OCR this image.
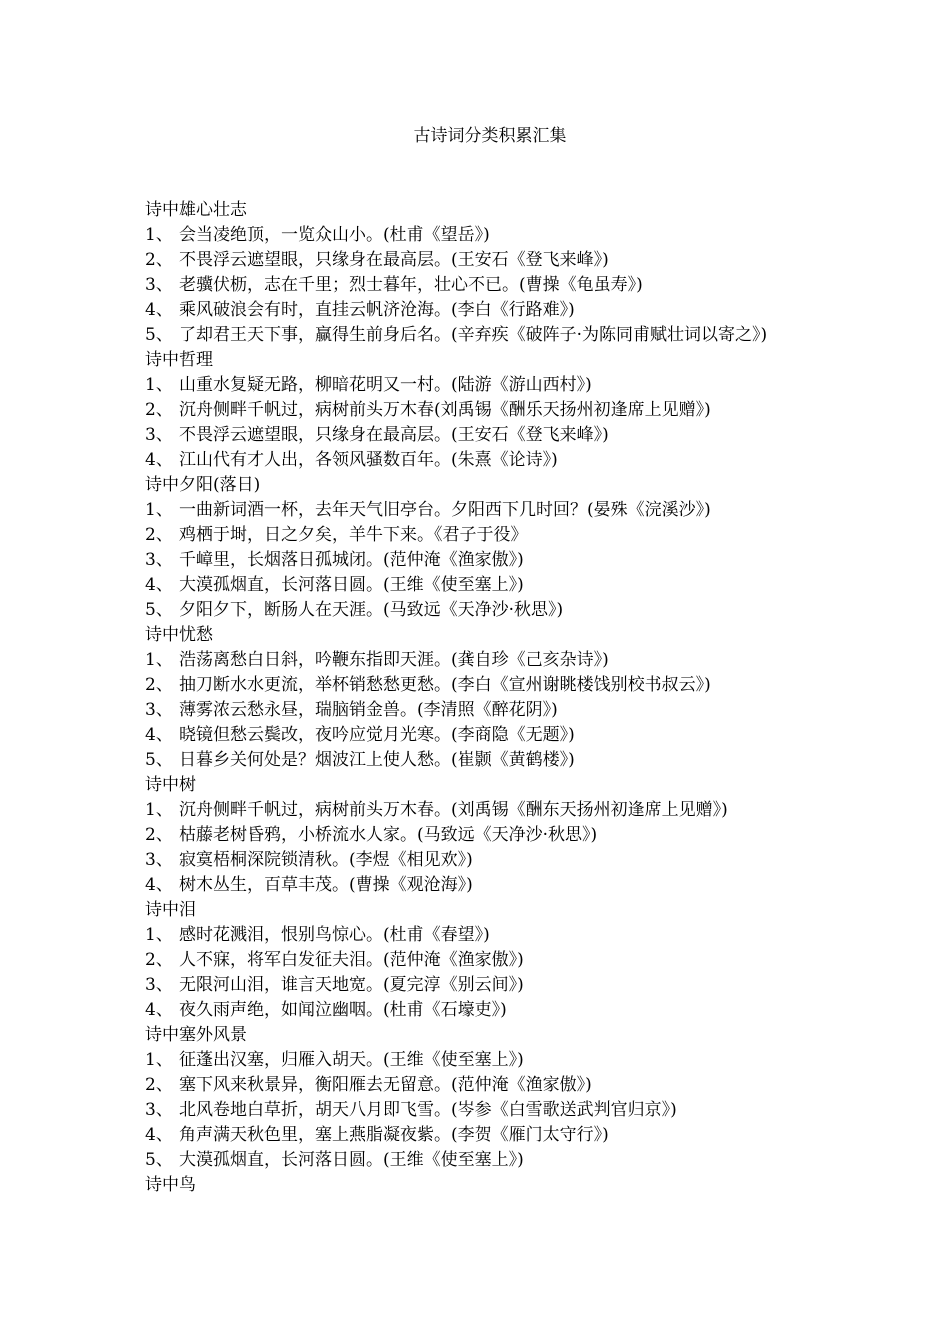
古诗词分类积累汇集
诗中雄心壮志
1、 会当凌绝顶，一览众山小。(杜甫《望岳》)
2、 不畏浮云遮望眼，只缘身在最高层。(王安石《登飞来峰》)
3、 老骥伏枥，志在千里；烈士暮年，壮心不已。(曹操《龟虽寿》)
4、 乘风破浪会有时，直挂云帆济沧海。(李白《行路难》)
5、 了却君王天下事，赢得生前身后名。(辛弃疾《破阵子·为陈同甫赋壮词以寄之》)
诗中哲理
1、 山重水复疑无路，柳暗花明又一村。(陆游《游山西村》)
2、 沉舟侧畔千帆过，病树前头万木春(刘禹锡《酬乐天扬州初逢席上见赠》)
3、 不畏浮云遮望眼，只缘身在最高层。(王安石《登飞来峰》)
4、 江山代有才人出，各领风骚数百年。(朱熹《论诗》)
诗中夕阳(落日)
1、 一曲新词酒一杯，去年天气旧亭台。夕阳西下几时回？(晏殊《浣溪沙》)
2、 鸡栖于埘，日之夕矣，羊牛下来。《君子于役》
3、 千嶂里，长烟落日孤城闭。(范仲淹《渔家傲》)
4、 大漠孤烟直，长河落日圆。(王维《使至塞上》)
5、 夕阳夕下，断肠人在天涯。(马致远《天净沙·秋思》)
诗中忧愁
1、 浩荡离愁白日斜，吟鞭东指即天涯。(龚自珍《己亥杂诗》)
2、 抽刀断水水更流，举杯销愁愁更愁。(李白《宣州谢眺楼饯别校书叔云》)
3、 薄雾浓云愁永昼，瑞脑销金兽。(李清照《醉花阴》)
4、 晓镜但愁云鬓改，夜吟应觉月光寒。(李商隐《无题》)
5、 日暮乡关何处是？烟波江上使人愁。(崔颢《黄鹤楼》)
诗中树
1、 沉舟侧畔千帆过，病树前头万木春。(刘禹锡《酬东天扬州初逢席上见赠》)
2、 枯藤老树昏鸦，小桥流水人家。(马致远《天净沙·秋思》)
3、 寂寞梧桐深院锁清秋。(李煜《相见欢》)
4、 树木丛生，百草丰茂。(曹操《观沧海》)
诗中泪
1、 感时花溅泪，恨别鸟惊心。(杜甫《春望》)
2、 人不寐，将军白发征夫泪。(范仲淹《渔家傲》)
3、 无限河山泪，谁言天地宽。(夏完淳《别云间》)
4、 夜久雨声绝，如闻泣幽咽。(杜甫《石壕吏》)
诗中塞外风景
1、 征蓬出汉塞，归雁入胡天。(王维《使至塞上》)
2、 塞下风来秋景异，衡阳雁去无留意。(范仲淹《渔家傲》)
3、 北风卷地白草折，胡天八月即飞雪。(岑参《白雪歌送武判官归京》)
4、 角声满天秋色里，塞上燕脂凝夜紫。(李贺《雁门太守行》)
5、 大漠孤烟直，长河落日圆。(王维《使至塞上》)
诗中鸟
